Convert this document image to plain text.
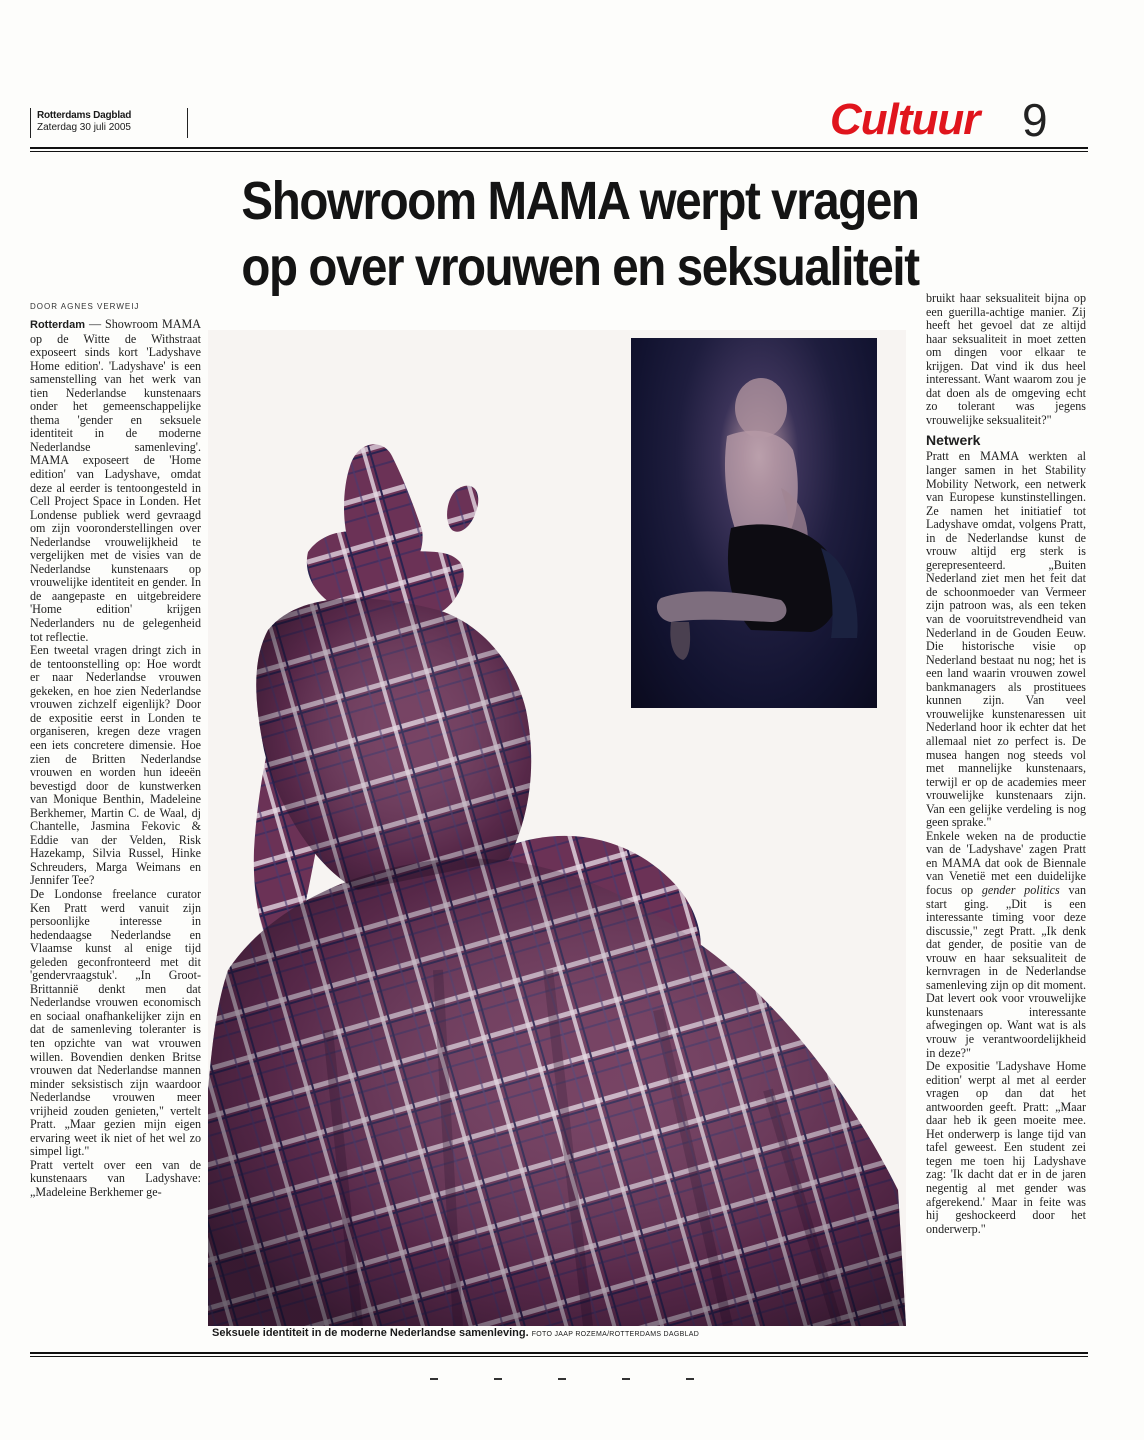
Rotterdams Dagblad
Zaterdag 30 juli 2005	Cultuur 9
Showroom MAMA werpt vragen
op over vrouwen en seksualiteit
DOOR AGNES VERWEIJ

Rotterdam — Showroom MAMA op de Witte de Withstraat exposeert sinds kort 'Ladyshave Home edition'. 'Ladyshave' is een samenstelling van het werk van tien Nederlandse kunstenaars onder het gemeenschappelijke thema 'gender en seksuele identiteit in de moderne Nederlandse samenleving'. MAMA exposeert de 'Home edition' van Ladyshave, omdat deze al eerder is tentoongesteld in Cell Project Space in Londen. Het Londense publiek werd gevraagd om zijn vooronderstellingen over Nederlandse vrouwelijkheid te vergelijken met de visies van de Nederlandse kunstenaars op vrouwelijke identiteit en gender. In de aangepaste en uitgebreidere 'Home edition' krijgen Nederlanders nu de gelegenheid tot reflectie.

Een tweetal vragen dringt zich in de tentoonstelling op: Hoe wordt er naar Nederlandse vrouwen gekeken, en hoe zien Nederlandse vrouwen zichzelf eigenlijk? Door de expositie eerst in Londen te organiseren, kregen deze vragen een iets concretere dimensie. Hoe zien de Britten Nederlandse vrouwen en worden hun ideeën bevestigd door de kunstwerken van Monique Benthin, Madeleine Berkhemer, Martin C. de Waal, dj Chantelle, Jasmina Fekovic & Eddie van der Velden, Risk Hazekamp, Silvia Russel, Hinke Schreuders, Marga Weimans en Jennifer Tee?

De Londonse freelance curator Ken Pratt werd vanuit zijn persoonlijke interesse in hedendaagse Nederlandse en Vlaamse kunst al enige tijd geleden geconfronteerd met dit 'gendervraagstuk'. „In Groot-Brittannië denkt men dat Nederlandse vrouwen economisch en sociaal onafhankelijker zijn en dat de samenleving toleranter is ten opzichte van wat vrouwen willen. Bovendien denken Britse vrouwen dat Nederlandse mannen minder seksistisch zijn waardoor Nederlandse vrouwen meer vrijheid zouden genieten," vertelt Pratt. „Maar gezien mijn eigen ervaring weet ik niet of het wel zo simpel ligt."

Pratt vertelt over een van de kunstenaars van Ladyshave: „Madeleine Berkhemer ge-

bruikt haar seksualiteit bijna op een guerilla-achtige manier. Zij heeft het gevoel dat ze altijd haar seksualiteit in moet zetten om dingen voor elkaar te krijgen. Dat vind ik dus heel interessant. Want waarom zou je dat doen als de omgeving echt zo tolerant was jegens vrouwelijke seksualiteit?"

Netwerk

Pratt en MAMA werkten al langer samen in het Stability Mobility Network, een netwerk van Europese kunstinstellingen. Ze namen het initiatief tot Ladyshave omdat, volgens Pratt, in de Nederlandse kunst de vrouw altijd erg sterk is gerepresenteerd. „Buiten Nederland ziet men het feit dat de schoonmoeder van Vermeer zijn patroon was, als een teken van de vooruitstrevendheid van Nederland in de Gouden Eeuw. Die historische visie op Nederland bestaat nu nog; het is een land waarin vrouwen zowel bankmanagers als prostituees kunnen zijn. Van veel vrouwelijke kunstenaressen uit Nederland hoor ik echter dat het allemaal niet zo perfect is. De musea hangen nog steeds vol met mannelijke kunstenaars, terwijl er op de academies meer vrouwelijke kunstenaars zijn. Van een gelijke verdeling is nog geen sprake."

Enkele weken na de productie van de 'Ladyshave' zagen Pratt en MAMA dat ook de Biennale van Venetië met een duidelijke focus op gender politics van start ging. „Dit is een interessante timing voor deze discussie," zegt Pratt. „Ik denk dat gender, de positie van de vrouw en haar seksualiteit de kernvragen in de Nederlandse samenleving zijn op dit moment. Dat levert ook voor vrouwelijke kunstenaars interessante afwegingen op. Want wat is als vrouw je verantwoordelijkheid in deze?"

De expositie 'Ladyshave Home edition' werpt al met al eerder vragen op dan dat het antwoorden geeft. Pratt: „Maar daar heb ik geen moeite mee. Het onderwerp is lange tijd van tafel geweest. Een student zei tegen me toen hij Ladyshave zag: 'Ik dacht dat er in de jaren negentig al met gender was afgerekend.' Maar in feite was hij geshockeerd door het onderwerp."

Seksuele identiteit in de moderne Nederlandse samenleving. FOTO JAAP ROZEMA/ROTTERDAMS DAGBLAD
